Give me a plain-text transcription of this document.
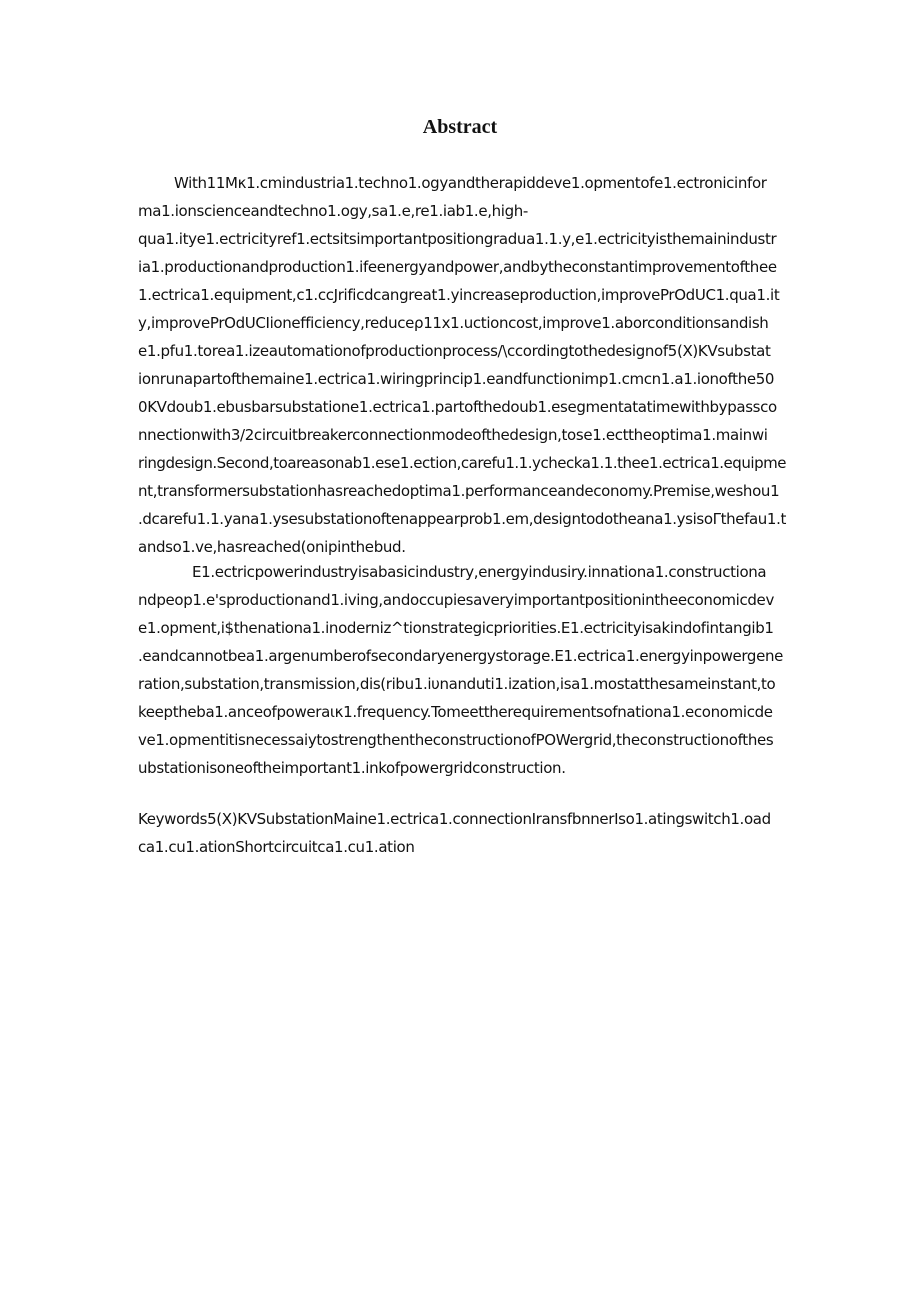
Abstract
With11Mκ1.cmindustria1.techno1.ogyandtherapiddeve1.opmentofe1.ectronicinfor
ma1.ionscienceandtechno1.ogy,sa1.e,re1.iab1.e,high-
qua1.itye1.ectricityref1.ectsitsimportantpositiongradua1.1.y,e1.ectricityisthemainindustr
ia1.productionandproduction1.ifeenergyandpower,andbytheconstantimprovementofthee
1.ectrica1.equipment,c1.ccJrificdcangreat1.yincreaseproduction,improvePrOdUC1.qua1.it
y,improvePrOdUCIionefficiency,reduceρ11x1.uctioncost,improve1.aborconditionsandish
e1.pfu1.torea1.izeautomationofproductionprocess∕\ccordingtothedesignof5(X)KVsubstat
ionrunapartofthemaine1.ectrica1.wiringprincip1.eandfunctionimp1.cmcn1.a1.ionofthe50
0KVdoub1.ebusbarsubstatione1.ectrica1.partofthedoub1.esegmentatatimewithbypassco
nnectionwith3/2circuitbreakerconnectionmodeofthedesign,tose1.ecttheoptima1.mainwi
ringdesign.Second,toareasonab1.ese1.ection,carefu1.1.ychecka1.1.thee1.ectrica1.equipme
nt,transformersubstationhasreachedoptima1.performanceandeconomy.Premise,weshou1
.dcarefu1.1.yana1.ysesubstationoftenappearprob1.em,designtodotheana1.ysisoΓthefau1.t
andso1.ve,hasreached(onipinthebud.
E1.ectricpowerindustryisabasicindustry,energyindusiry.innationa1.constructiona
ndpeop1.e'sproductionand1.iving,andoccupiesaveryimportantpositionintheeconomicdev
e1.opment,i$thenationa1.inoderniz^tionstrategicpriorities.E1.ectricityisakindofintangib1
.eandcannotbea1.argenumberofsecondaryenergystorage.E1.ectrica1.energyinpowergene
ration,substation,transmission,dis(ribu1.iυnanduti1.ization,isa1.mostatthesameinstant,to
keeptheba1.anceofpoweraικ1.frequency.Tomeettherequirementsofnationa1.economicde
ve1.opmentitisnecessaiytostrengthentheconstructionofPOWergrid,theconstructionofthes
ubstationisoneoftheimportant1.inkofpowergridconstruction.
Keywords5(X)KVSubstationMaine1.ectrica1.connectionIransfbnnerIso1.atingswitch1.oad
ca1.cu1.ationShortcircuitca1.cu1.ation
